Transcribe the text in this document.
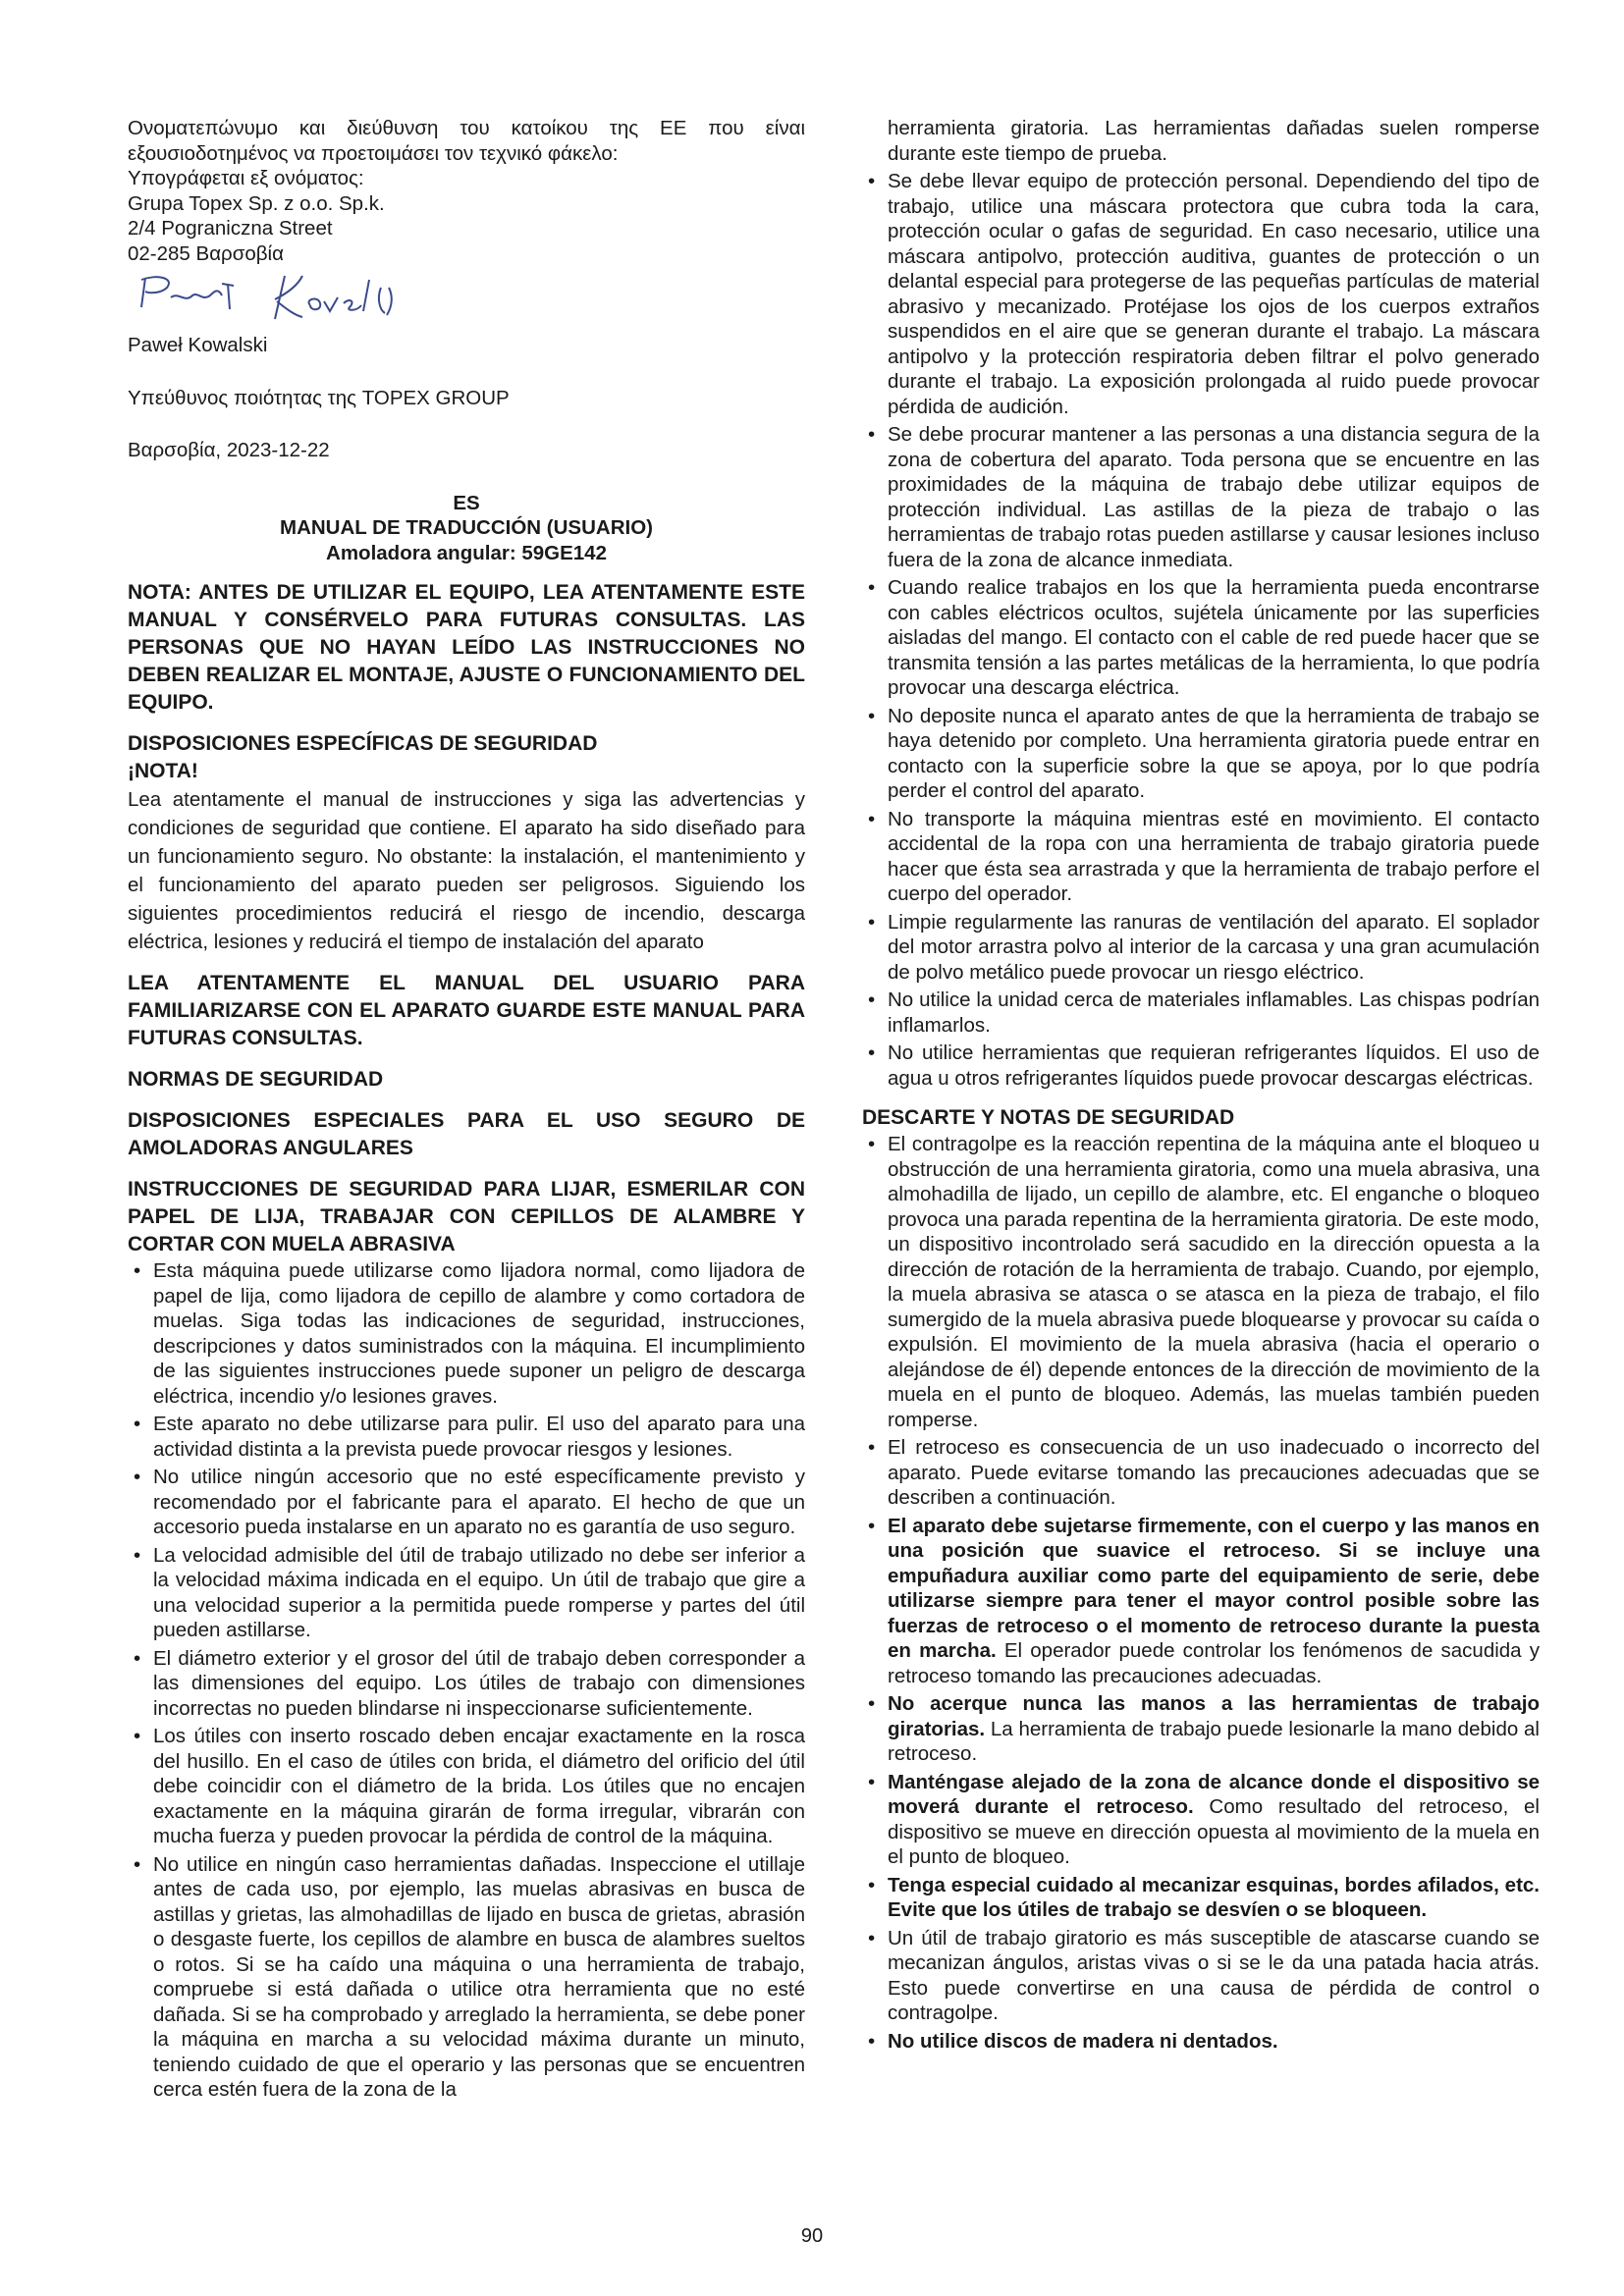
Ονοματεπώνυμο και διεύθυνση του κατοίκου της ΕΕ που είναι εξουσιοδοτημένος να προετοιμάσει τον τεχνικό φάκελο:

Υπογράφεται εξ ονόματος:

Grupa Topex Sp. z o.o. Sp.k.

2/4 Pograniczna Street

02-285 Βαρσοβία

Paweł Kowalski

Υπεύθυνος ποιότητας της TOPEX GROUP

Βαρσοβία, 2023-12-22

ES

MANUAL DE TRADUCCIÓN (USUARIO)

Amoladora angular: 59GE142

NOTA: ANTES DE UTILIZAR EL EQUIPO, LEA ATENTAMENTE ESTE MANUAL Y CONSÉRVELO PARA FUTURAS CONSULTAS. LAS PERSONAS QUE NO HAYAN LEÍDO LAS INSTRUCCIONES NO DEBEN REALIZAR EL MONTAJE, AJUSTE O FUNCIONAMIENTO DEL EQUIPO.
DISPOSICIONES ESPECÍFICAS DE SEGURIDAD
¡NOTA!

Lea atentamente el manual de instrucciones y siga las advertencias y condiciones de seguridad que contiene. El aparato ha sido diseñado para un funcionamiento seguro. No obstante: la instalación, el mantenimiento y el funcionamiento del aparato pueden ser peligrosos. Siguiendo los siguientes procedimientos reducirá el riesgo de incendio, descarga eléctrica, lesiones y reducirá el tiempo de instalación del aparato

LEA ATENTAMENTE EL MANUAL DEL USUARIO PARA FAMILIARIZARSE CON EL APARATO GUARDE ESTE MANUAL PARA FUTURAS CONSULTAS.
NORMAS DE SEGURIDAD
DISPOSICIONES ESPECIALES PARA EL USO SEGURO DE AMOLADORAS ANGULARES
INSTRUCCIONES DE SEGURIDAD PARA LIJAR, ESMERILAR CON PAPEL DE LIJA, TRABAJAR CON CEPILLOS DE ALAMBRE Y CORTAR CON MUELA ABRASIVA
• Esta máquina puede utilizarse como lijadora normal, como lijadora de papel de lija, como lijadora de cepillo de alambre y como cortadora de muelas. Siga todas las indicaciones de seguridad, instrucciones, descripciones y datos suministrados con la máquina. El incumplimiento de las siguientes instrucciones puede suponer un peligro de descarga eléctrica, incendio y/o lesiones graves.
• Este aparato no debe utilizarse para pulir. El uso del aparato para una actividad distinta a la prevista puede provocar riesgos y lesiones.
• No utilice ningún accesorio que no esté específicamente previsto y recomendado por el fabricante para el aparato. El hecho de que un accesorio pueda instalarse en un aparato no es garantía de uso seguro.
• La velocidad admisible del útil de trabajo utilizado no debe ser inferior a la velocidad máxima indicada en el equipo. Un útil de trabajo que gire a una velocidad superior a la permitida puede romperse y partes del útil pueden astillarse.
• El diámetro exterior y el grosor del útil de trabajo deben corresponder a las dimensiones del equipo. Los útiles de trabajo con dimensiones incorrectas no pueden blindarse ni inspeccionarse suficientemente.
• Los útiles con inserto roscado deben encajar exactamente en la rosca del husillo. En el caso de útiles con brida, el diámetro del orificio del útil debe coincidir con el diámetro de la brida. Los útiles que no encajen exactamente en la máquina girarán de forma irregular, vibrarán con mucha fuerza y pueden provocar la pérdida de control de la máquina.
• No utilice en ningún caso herramientas dañadas. Inspeccione el utillaje antes de cada uso, por ejemplo, las muelas abrasivas en busca de astillas y grietas, las almohadillas de lijado en busca de grietas, abrasión o desgaste fuerte, los cepillos de alambre en busca de alambres sueltos o rotos. Si se ha caído una máquina o una herramienta de trabajo, compruebe si está dañada o utilice otra herramienta que no esté dañada. Si se ha comprobado y arreglado la herramienta, se debe poner la máquina en marcha a su velocidad máxima durante un minuto, teniendo cuidado de que el operario y las personas que se encuentren cerca estén fuera de la zona de la

herramienta giratoria. Las herramientas dañadas suelen romperse durante este tiempo de prueba.

• Se debe llevar equipo de protección personal. Dependiendo del tipo de trabajo, utilice una máscara protectora que cubra toda la cara, protección ocular o gafas de seguridad. En caso necesario, utilice una máscara antipolvo, protección auditiva, guantes de protección o un delantal especial para protegerse de las pequeñas partículas de material abrasivo y mecanizado. Protéjase los ojos de los cuerpos extraños suspendidos en el aire que se generan durante el trabajo. La máscara antipolvo y la protección respiratoria deben filtrar el polvo generado durante el trabajo. La exposición prolongada al ruido puede provocar pérdida de audición.
• Se debe procurar mantener a las personas a una distancia segura de la zona de cobertura del aparato. Toda persona que se encuentre en las proximidades de la máquina de trabajo debe utilizar equipos de protección individual. Las astillas de la pieza de trabajo o las herramientas de trabajo rotas pueden astillarse y causar lesiones incluso fuera de la zona de alcance inmediata.
• Cuando realice trabajos en los que la herramienta pueda encontrarse con cables eléctricos ocultos, sujétela únicamente por las superficies aisladas del mango. El contacto con el cable de red puede hacer que se transmita tensión a las partes metálicas de la herramienta, lo que podría provocar una descarga eléctrica.
• No deposite nunca el aparato antes de que la herramienta de trabajo se haya detenido por completo. Una herramienta giratoria puede entrar en contacto con la superficie sobre la que se apoya, por lo que podría perder el control del aparato.
• No transporte la máquina mientras esté en movimiento. El contacto accidental de la ropa con una herramienta de trabajo giratoria puede hacer que ésta sea arrastrada y que la herramienta de trabajo perfore el cuerpo del operador.
• Limpie regularmente las ranuras de ventilación del aparato. El soplador del motor arrastra polvo al interior de la carcasa y una gran acumulación de polvo metálico puede provocar un riesgo eléctrico.
• No utilice la unidad cerca de materiales inflamables. Las chispas podrían inflamarlos.
• No utilice herramientas que requieran refrigerantes líquidos. El uso de agua u otros refrigerantes líquidos puede provocar descargas eléctricas.
DESCARTE Y NOTAS DE SEGURIDAD
• El contragolpe es la reacción repentina de la máquina ante el bloqueo u obstrucción de una herramienta giratoria, como una muela abrasiva, una almohadilla de lijado, un cepillo de alambre, etc. El enganche o bloqueo provoca una parada repentina de la herramienta giratoria. De este modo, un dispositivo incontrolado será sacudido en la dirección opuesta a la dirección de rotación de la herramienta de trabajo. Cuando, por ejemplo, la muela abrasiva se atasca o se atasca en la pieza de trabajo, el filo sumergido de la muela abrasiva puede bloquearse y provocar su caída o expulsión. El movimiento de la muela abrasiva (hacia el operario o alejándose de él) depende entonces de la dirección de movimiento de la muela en el punto de bloqueo. Además, las muelas también pueden romperse.
• El retroceso es consecuencia de un uso inadecuado o incorrecto del aparato. Puede evitarse tomando las precauciones adecuadas que se describen a continuación.
• El aparato debe sujetarse firmemente, con el cuerpo y las manos en una posición que suavice el retroceso. Si se incluye una empuñadura auxiliar como parte del equipamiento de serie, debe utilizarse siempre para tener el mayor control posible sobre las fuerzas de retroceso o el momento de retroceso durante la puesta en marcha. El operador puede controlar los fenómenos de sacudida y retroceso tomando las precauciones adecuadas.
• No acerque nunca las manos a las herramientas de trabajo giratorias. La herramienta de trabajo puede lesionarle la mano debido al retroceso.
• Manténgase alejado de la zona de alcance donde el dispositivo se moverá durante el retroceso. Como resultado del retroceso, el dispositivo se mueve en dirección opuesta al movimiento de la muela en el punto de bloqueo.
• Tenga especial cuidado al mecanizar esquinas, bordes afilados, etc. Evite que los útiles de trabajo se desvíen o se bloqueen.
• Un útil de trabajo giratorio es más susceptible de atascarse cuando se mecanizan ángulos, aristas vivas o si se le da una patada hacia atrás. Esto puede convertirse en una causa de pérdida de control o contragolpe.
• No utilice discos de madera ni dentados.
90
